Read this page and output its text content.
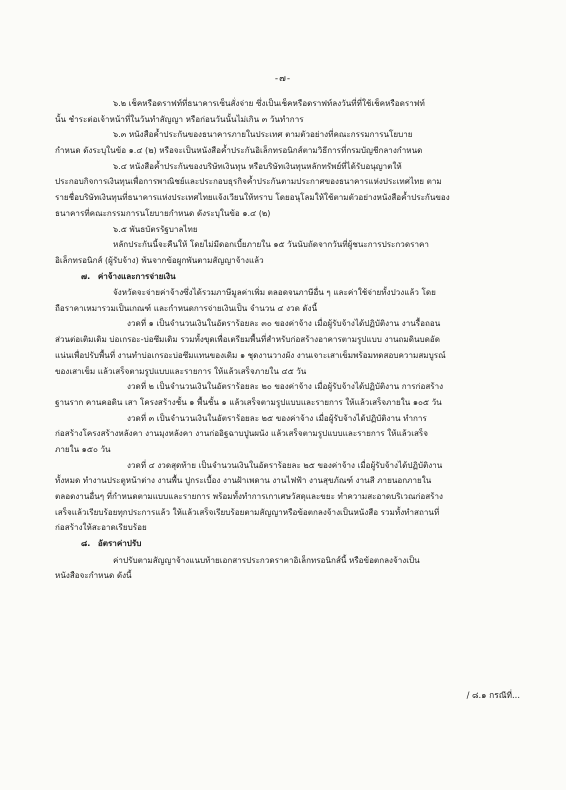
-๗-

๖.๒ เช็คหรือดราฟท์ที่ธนาคารเซ็นสั่งจ่าย ซึ่งเป็นเช็คหรือดราฟท์ลงวันที่ที่ใช้เช็คหรือดราฟท์

นั้น ชำระต่อเจ้าหน้าที่ในวันทำสัญญา หรือก่อนวันนั้นไม่เกิน ๓ วันทำการ

๖.๓ หนังสือค้ำประกันของธนาคารภายในประเทศ ตามตัวอย่างที่คณะกรรมการนโยบาย

กำหนด ดังระบุในข้อ ๑.๔ (๒) หรือจะเป็นหนังสือค้ำประกันอิเล็กทรอนิกส์ตามวิธีการที่กรมบัญชีกลางกำหนด

๖.๔ หนังสือค้ำประกันของบริษัทเงินทุน หรือบริษัทเงินทุนหลักทรัพย์ที่ได้รับอนุญาตให้

ประกอบกิจการเงินทุนเพื่อการพาณิชย์และประกอบธุรกิจค้ำประกันตามประกาศของธนาคารแห่งประเทศไทย ตาม

รายชื่อบริษัทเงินทุนที่ธนาคารแห่งประเทศไทยแจ้งเวียนให้ทราบ โดยอนุโลมให้ใช้ตามตัวอย่างหนังสือค้ำประกันของ

ธนาคารที่คณะกรรมการนโยบายกำหนด ดังระบุในข้อ ๑.๔ (๒)

๖.๕ พันธบัตรรัฐบาลไทย

หลักประกันนี้จะคืนให้ โดยไม่มีดอกเบี้ยภายใน ๑๕ วันนับถัดจากวันที่ผู้ชนะการประกวดราคา

อิเล็กทรอนิกส์ (ผู้รับจ้าง) พ้นจากข้อผูกพันตามสัญญาจ้างแล้ว

๗. ค่าจ้างและการจ่ายเงิน

จังหวัดจะจ่ายค่าจ้างซึ่งได้รวมภาษีมูลค่าเพิ่ม ตลอดจนภาษีอื่น ๆ และค่าใช้จ่ายทั้งปวงแล้ว โดย

ถือราคาเหมารวมเป็นเกณฑ์ และกำหนดการจ่ายเงินเป็น จำนวน ๔ งวด ดังนี้

งวดที่ ๑ เป็นจำนวนเงินในอัตราร้อยละ ๓๐ ของค่าจ้าง เมื่อผู้รับจ้างได้ปฏิบัติงาน งานรื้อถอน

ส่วนต่อเติมเดิม บ่อเกรอะ-บ่อซึมเดิม รวมทั้งขุดเพื่อเตรียมพื้นที่สำหรับก่อสร้างอาคารตามรูปแบบ งานถมดินบดอัด

แน่นเพื่อปรับพื้นที่ งานทำบ่อเกรอะบ่อซึมแทนของเดิม ๑ ชุดงานวางผัง งานเจาะเสาเข็มพร้อมทดสอบความสมบูรณ์

ของเสาเข็ม แล้วเสร็จตามรูปแบบและรายการ ให้แล้วเสร็จภายใน ๔๕ วัน

งวดที่ ๒ เป็นจำนวนเงินในอัตราร้อยละ ๒๐ ของค่าจ้าง เมื่อผู้รับจ้างได้ปฏิบัติงาน การก่อสร้าง

ฐานราก คานคอดิน เสา โครงสร้างชั้น ๑ พื้นชั้น ๑ แล้วเสร็จตามรูปแบบและรายการ ให้แล้วเสร็จภายใน ๑๐๕ วัน

งวดที่ ๓ เป็นจำนวนเงินในอัตราร้อยละ ๒๕ ของค่าจ้าง เมื่อผู้รับจ้างได้ปฏิบัติงาน ทำการ

ก่อสร้างโครงสร้างหลังคา งานมุงหลังคา งานก่ออิฐฉาบปูนผนัง แล้วเสร็จตามรูปแบบและรายการ ให้แล้วเสร็จ

ภายใน ๑๕๐ วัน

งวดที่ ๔ งวดสุดท้าย เป็นจำนวนเงินในอัตราร้อยละ ๒๕ ของค่าจ้าง เมื่อผู้รับจ้างได้ปฏิบัติงาน

ทั้งหมด ทำงานประตูหน้าต่าง งานพื้น ปูกระเบื้อง งานฝ้าเพดาน งานไฟฟ้า งานสุขภัณฑ์ งานสี ภายนอกภายใน

ตลอดงานอื่นๆ ที่กำหนดตามแบบและรายการ พร้อมทั้งทำการเกาเศษวัสดุและขยะ ทำความสะอาดบริเวณก่อสร้าง

เสร็จแล้วเรียบร้อยทุกประการแล้ว ให้แล้วเสร็จเรียบร้อยตามสัญญาหรือข้อตกลงจ้างเป็นหนังสือ รวมทั้งทำสถานที่

ก่อสร้างให้สะอาดเรียบร้อย

๘. อัตราค่าปรับ

ค่าปรับตามสัญญาจ้างแนบท้ายเอกสารประกวดราคาอิเล็กทรอนิกส์นี้ หรือข้อตกลงจ้างเป็น

หนังสือจะกำหนด ดังนี้

/ ๘.๑ กรณีที่...
